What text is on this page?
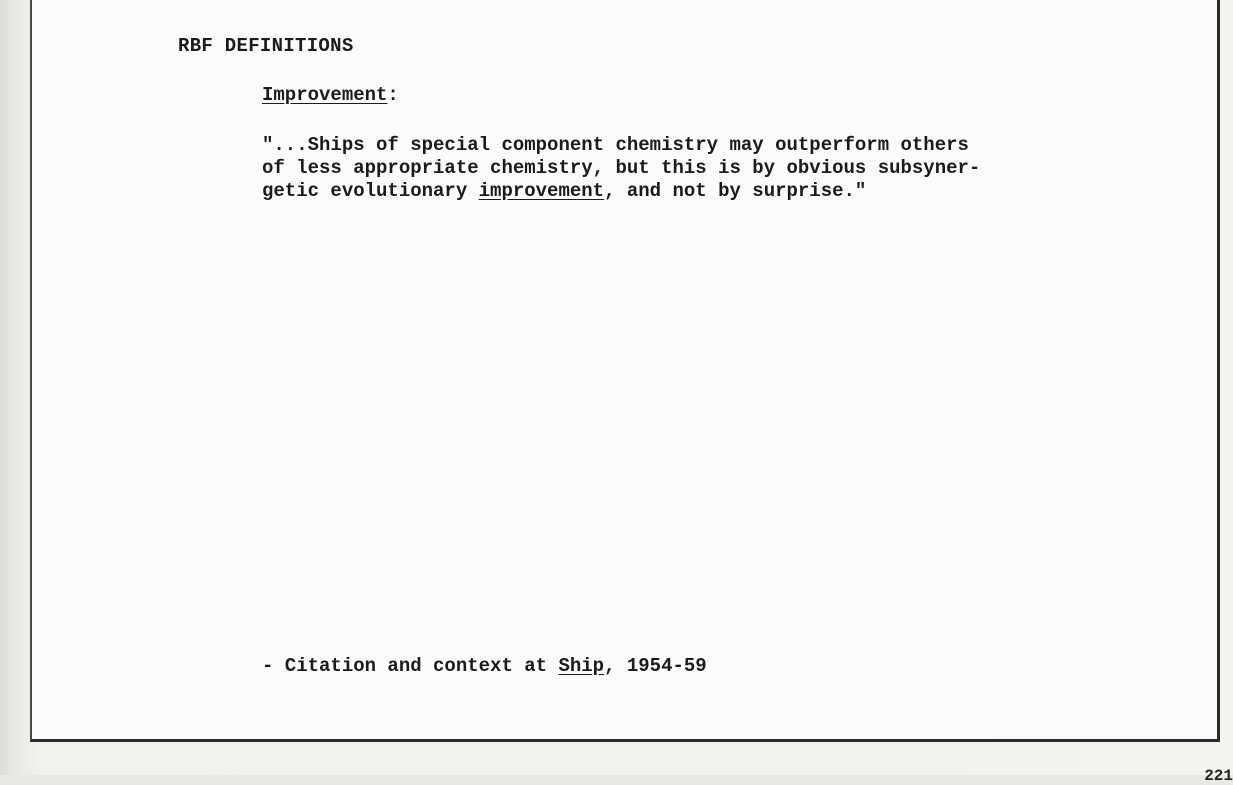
RBF DEFINITIONS
Improvement:
"...Ships of special component chemistry may outperform others
of less appropriate chemistry, but this is by obvious subsyner-
getic evolutionary improvement, and not by surprise."
- Citation and context at Ship, 1954-59
221
